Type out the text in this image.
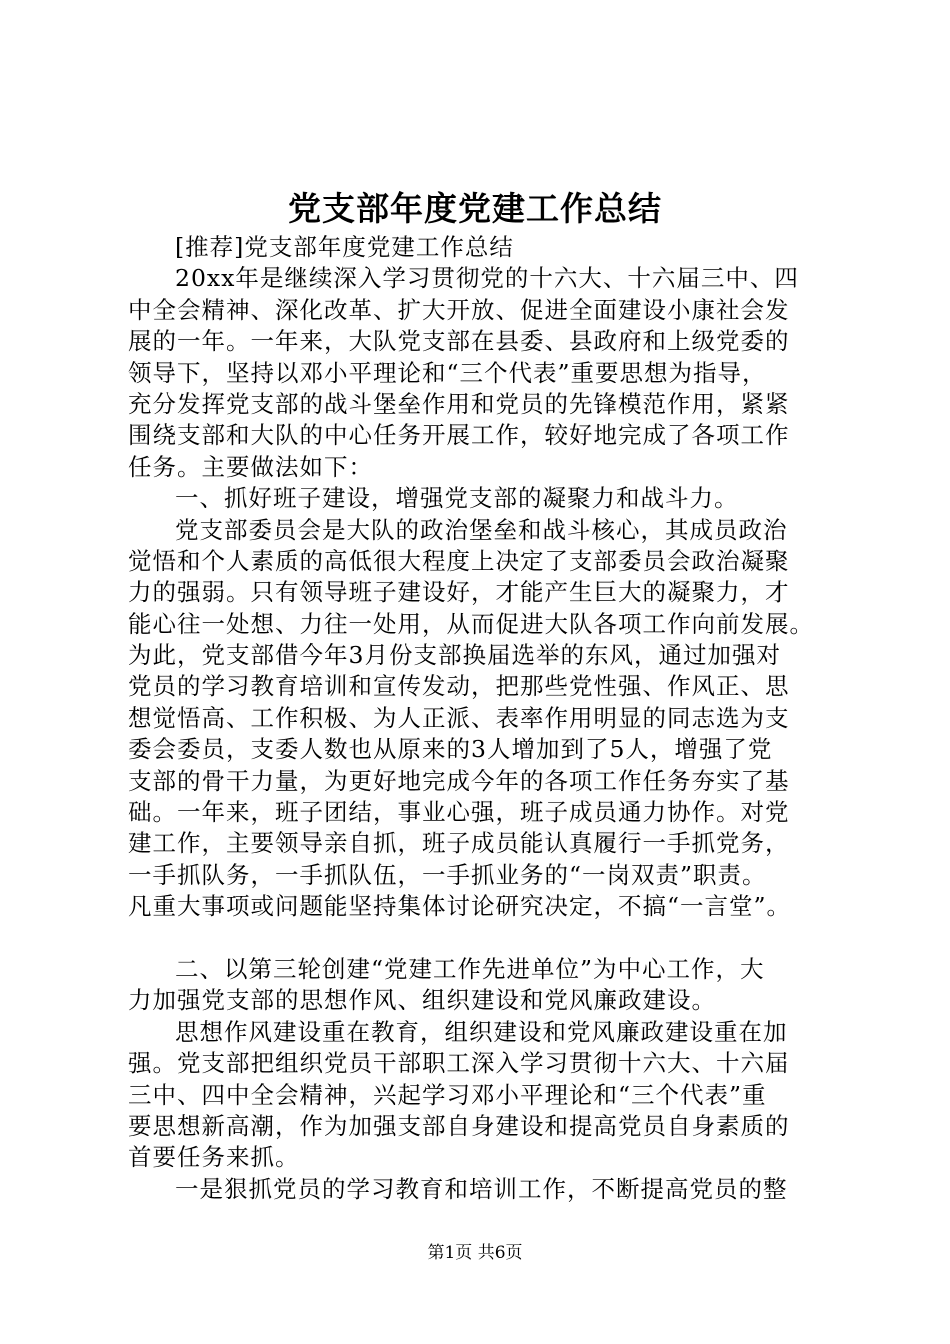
党支部年度党建工作总结

[推荐]党支部年度党建工作总结

20xx年是继续深入学习贯彻党的十六大、十六届三中、四

中全会精神、深化改革、扩大开放、促进全面建设小康社会发

展的一年。一年来，大队党支部在县委、县政府和上级党委的

领导下，坚持以邓小平理论和“三个代表”重要思想为指导，

充分发挥党支部的战斗堡垒作用和党员的先锋模范作用，紧紧

围绕支部和大队的中心任务开展工作，较好地完成了各项工作

任务。主要做法如下：

一、抓好班子建设，增强党支部的凝聚力和战斗力。

党支部委员会是大队的政治堡垒和战斗核心，其成员政治

觉悟和个人素质的高低很大程度上决定了支部委员会政治凝聚

力的强弱。只有领导班子建设好，才能产生巨大的凝聚力，才

能心往一处想、力往一处用，从而促进大队各项工作向前发展。

为此，党支部借今年3月份支部换届选举的东风，通过加强对

党员的学习教育培训和宣传发动，把那些党性强、作风正、思

想觉悟高、工作积极、为人正派、表率作用明显的同志选为支

委会委员，支委人数也从原来的3人增加到了5人，增强了党

支部的骨干力量，为更好地完成今年的各项工作任务夯实了基

础。一年来，班子团结，事业心强，班子成员通力协作。对党

建工作，主要领导亲自抓，班子成员能认真履行一手抓党务，

一手抓队务，一手抓队伍，一手抓业务的“一岗双责”职责。

凡重大事项或问题能坚持集体讨论研究决定，不搞“一言堂”。

二、以第三轮创建“党建工作先进单位”为中心工作，大

力加强党支部的思想作风、组织建设和党风廉政建设。

思想作风建设重在教育，组织建设和党风廉政建设重在加

强。党支部把组织党员干部职工深入学习贯彻十六大、十六届

三中、四中全会精神，兴起学习邓小平理论和“三个代表”重

要思想新高潮，作为加强支部自身建设和提高党员自身素质的

首要任务来抓。

一是狠抓党员的学习教育和培训工作，不断提高党员的整

第1页 共6页
